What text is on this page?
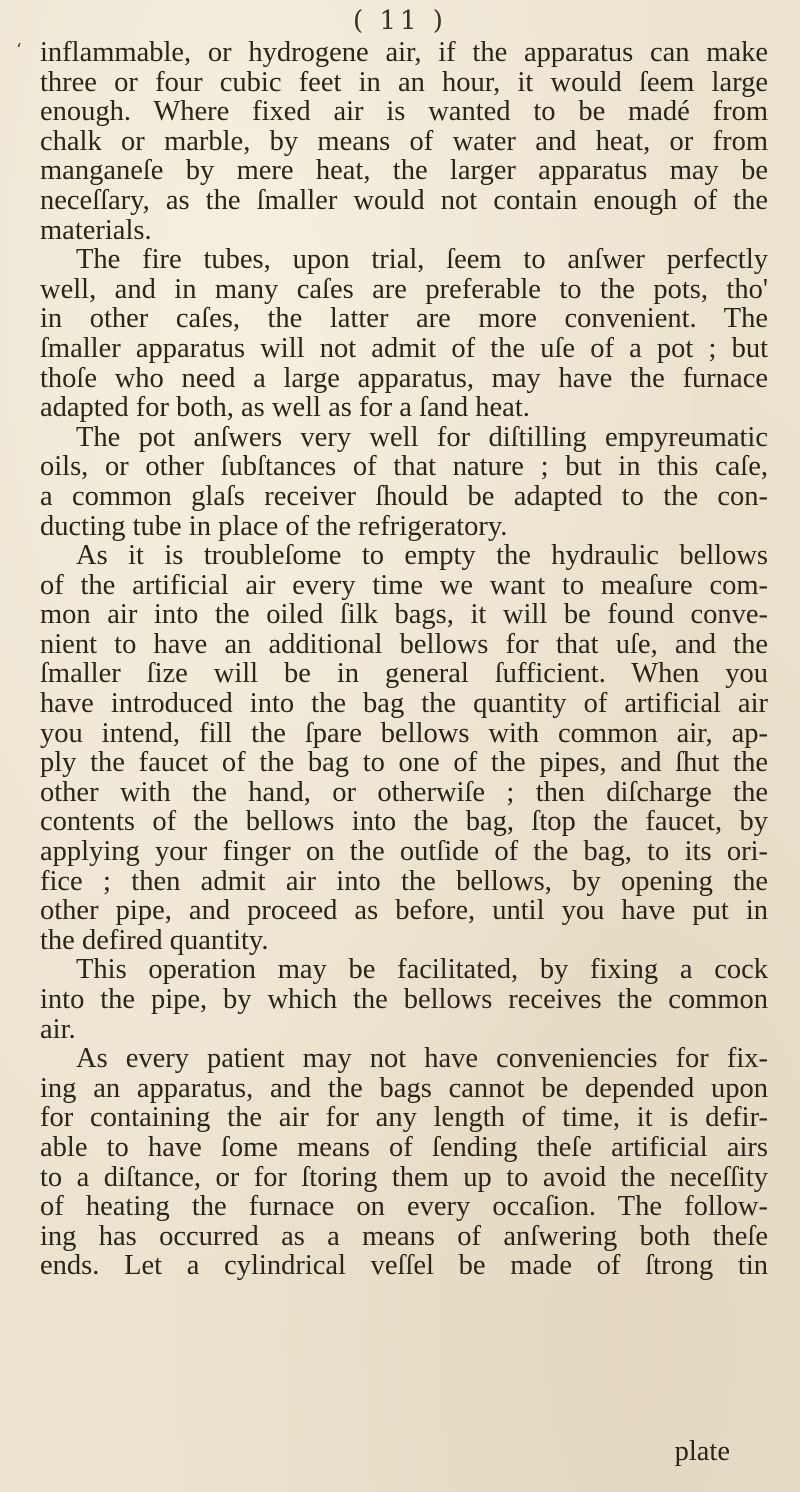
( 11 )
‘ inflammable, or hydrogene air, if the apparatus can make
three or four cubic feet in an hour, it would ſeem large
enough. Where fixed air is wanted to be madé from
chalk or marble, by means of water and heat, or from
manganeſe by mere heat, the larger apparatus may be
neceſſary, as the ſmaller would not contain enough of the
materials.
The fire tubes, upon trial, ſeem to anſwer perfectly
well, and in many caſes are preferable to the pots, tho'
in other caſes, the latter are more convenient. The
ſmaller apparatus will not admit of the uſe of a pot ; but
thoſe who need a large apparatus, may have the furnace
adapted for both, as well as for a ſand heat.
The pot anſwers very well for diſtilling empyreumatic
oils, or other ſubſtances of that nature ; but in this caſe,
a common glaſs receiver ſhould be adapted to the con-
ducting tube in place of the refrigeratory.
As it is troubleſome to empty the hydraulic bellows
of the artificial air every time we want to meaſure com-
mon air into the oiled ſilk bags, it will be found conve-
nient to have an additional bellows for that uſe, and the
ſmaller ſize will be in general ſufficient. When you
have introduced into the bag the quantity of artificial air
you intend, fill the ſpare bellows with common air, ap-
ply the faucet of the bag to one of the pipes, and ſhut the
other with the hand, or otherwiſe ; then diſcharge the
contents of the bellows into the bag, ſtop the faucet, by
applying your finger on the outſide of the bag, to its ori-
fice ; then admit air into the bellows, by opening the
other pipe, and proceed as before, until you have put in
the defired quantity.
This operation may be facilitated, by fixing a cock
into the pipe, by which the bellows receives the common
air.
As every patient may not have conveniencies for fix-
ing an apparatus, and the bags cannot be depended upon
for containing the air for any length of time, it is defir-
able to have ſome means of ſending theſe artificial airs
to a diſtance, or for ſtoring them up to avoid the neceſſity
of heating the furnace on every occaſion. The follow-
ing has occurred as a means of anſwering both theſe
ends. Let a cylindrical veſſel be made of ſtrong tin
plate
